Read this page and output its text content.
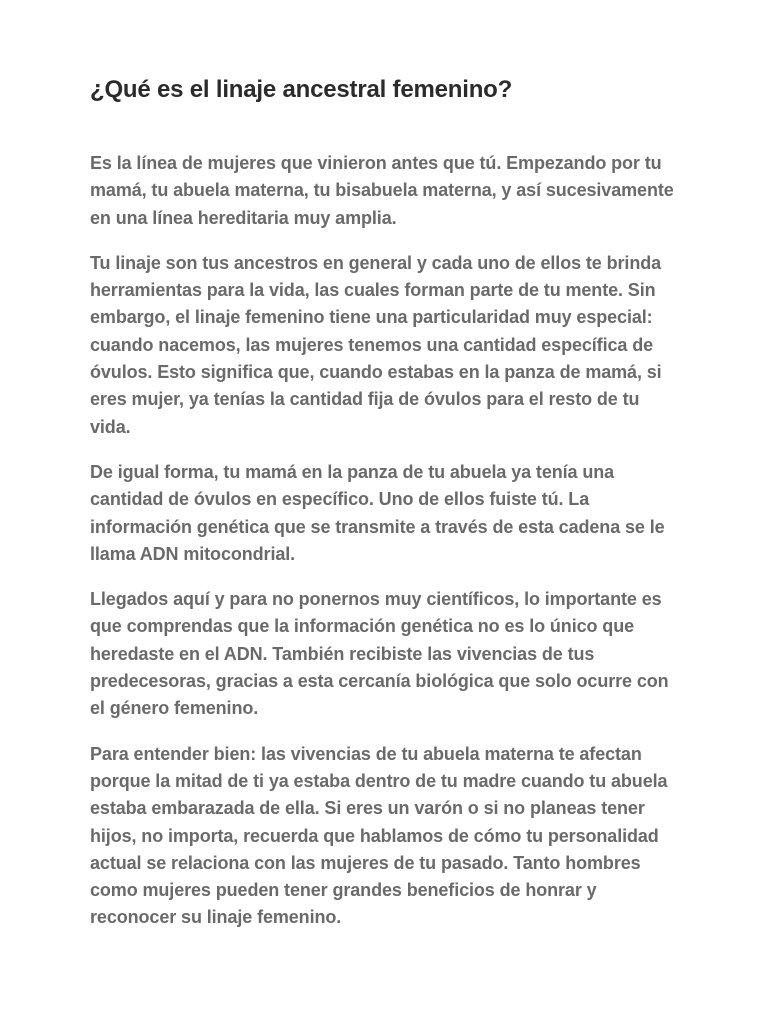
¿Qué es el linaje ancestral femenino?

Es la línea de mujeres que vinieron antes que tú. Empezando por tu mamá, tu abuela materna, tu bisabuela materna, y así sucesivamente en una línea hereditaria muy amplia.

Tu linaje son tus ancestros en general y cada uno de ellos te brinda herramientas para la vida, las cuales forman parte de tu mente. Sin embargo, el linaje femenino tiene una particularidad muy especial: cuando nacemos, las mujeres tenemos una cantidad específica de óvulos. Esto significa que, cuando estabas en la panza de mamá, si eres mujer, ya tenías la cantidad fija de óvulos para el resto de tu vida.

De igual forma, tu mamá en la panza de tu abuela ya tenía una cantidad de óvulos en específico. Uno de ellos fuiste tú. La información genética que se transmite a través de esta cadena se le llama ADN mitocondrial.

Llegados aquí y para no ponernos muy científicos, lo importante es que comprendas que la información genética no es lo único que heredaste en el ADN. También recibiste las vivencias de tus predecesoras, gracias a esta cercanía biológica que solo ocurre con el género femenino.

Para entender bien: las vivencias de tu abuela materna te afectan porque la mitad de ti ya estaba dentro de tu madre cuando tu abuela estaba embarazada de ella. Si eres un varón o si no planeas tener hijos, no importa, recuerda que hablamos de cómo tu personalidad actual se relaciona con las mujeres de tu pasado. Tanto hombres como mujeres pueden tener grandes beneficios de honrar y reconocer su linaje femenino.
